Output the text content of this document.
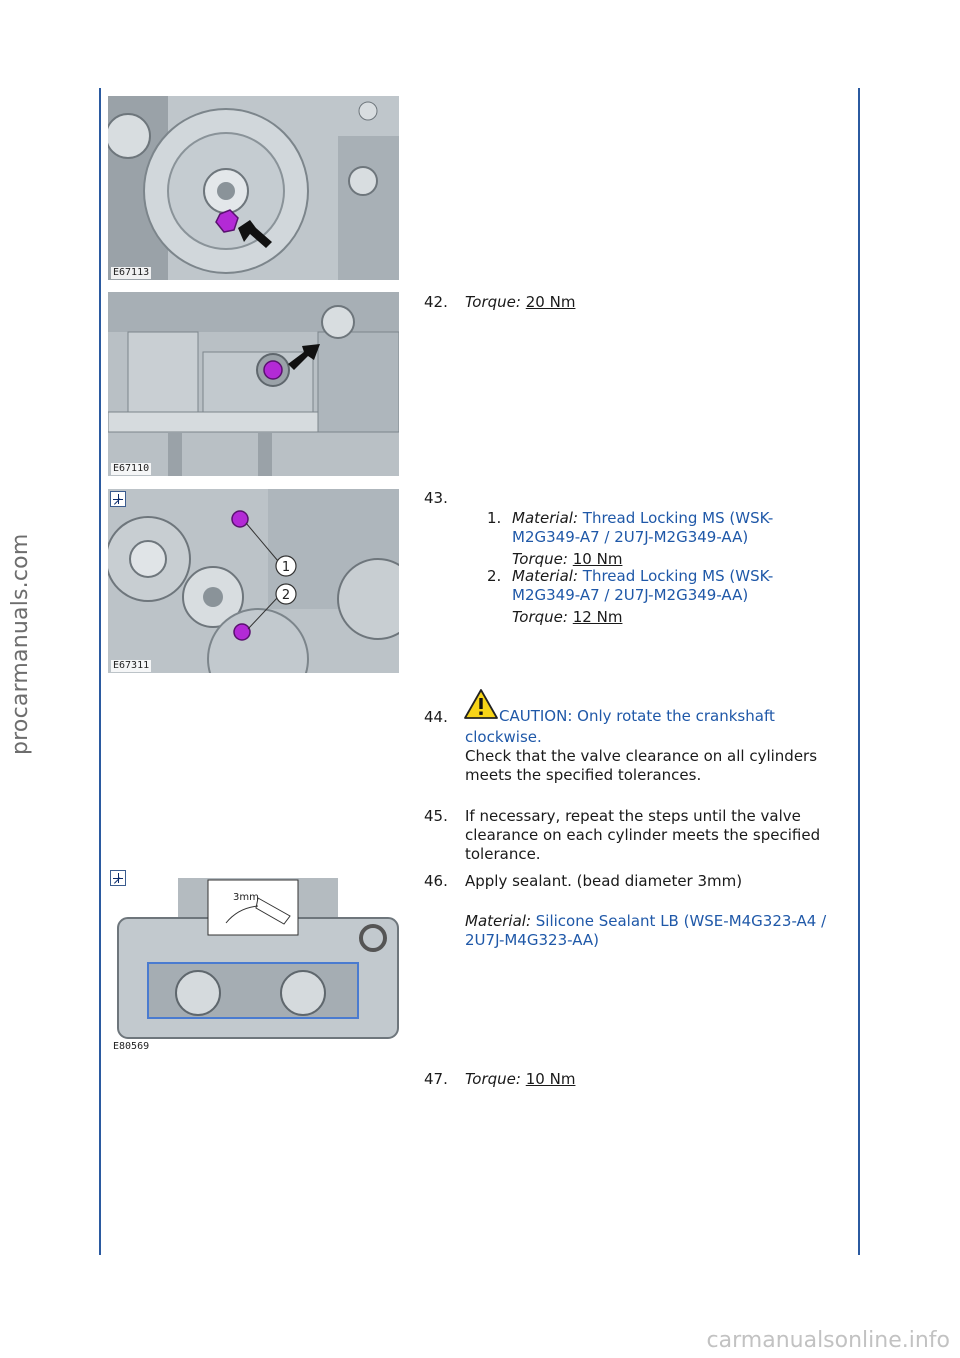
procarmanuals.com
carmanualsonline.info
E67113
E67110
1
2
E67311
3mm
E80569
42. Torque: 20 Nm
43.
1. Material: Thread Locking MS (WSK-
M2G349-A7 / 2U7J-M2G349-AA)
Torque: 10 Nm
2. Material: Thread Locking MS (WSK-
M2G349-A7 / 2U7J-M2G349-AA)
Torque: 12 Nm
44.	CAUTION: Only rotate the crankshaft
clockwise.
Check that the valve clearance on all cylinders
meets the specified tolerances.
45. If necessary, repeat the steps until the valve
clearance on each cylinder meets the specified
tolerance.
46. Apply sealant. (bead diameter 3mm)
Material: Silicone Sealant LB (WSE-M4G323-A4 /
2U7J-M4G323-AA)
47. Torque: 10 Nm
